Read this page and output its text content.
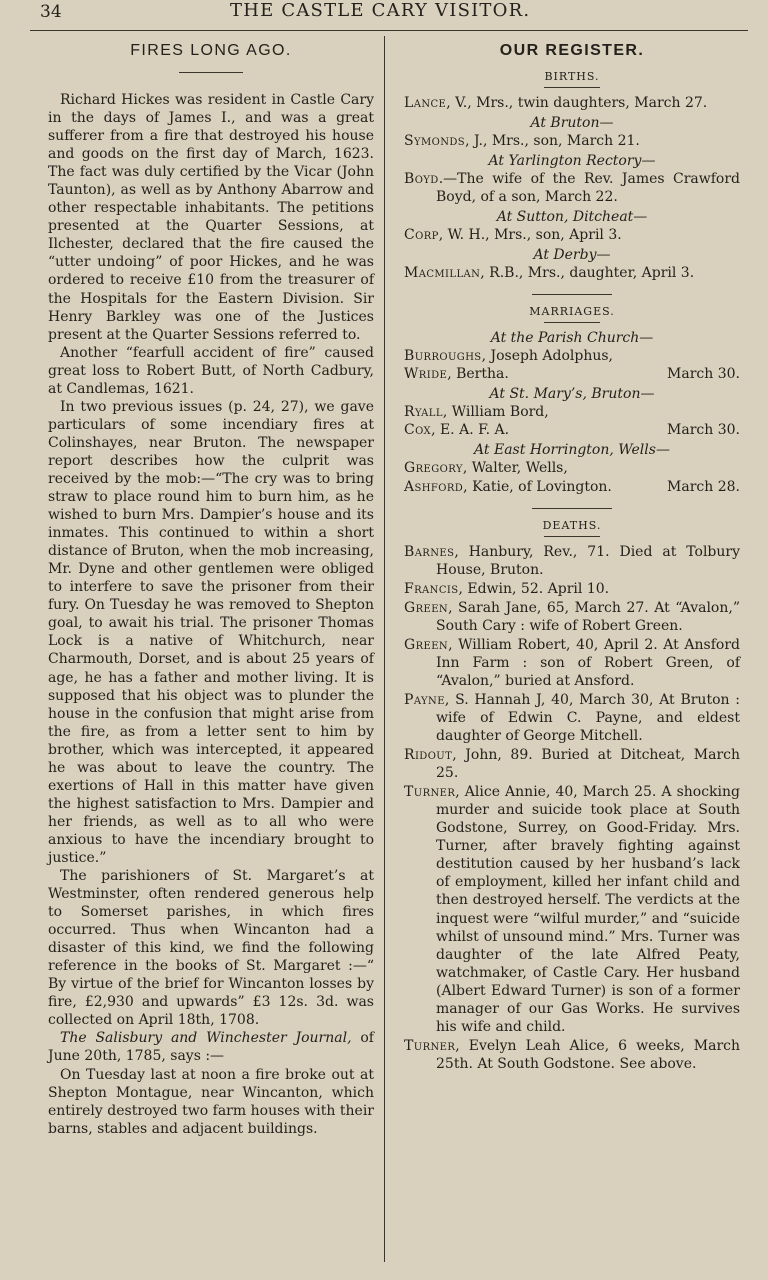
34	THE CASTLE CARY VISITOR.
FIRES LONG AGO.

Richard Hickes was resident in Castle Cary in the days of James I., and was a great sufferer from a fire that destroyed his house and goods on the first day of March, 1623. The fact was duly certified by the Vicar (John Taunton), as well as by Anthony Abarrow and other respectable inhabitants. The petitions presented at the Quarter Sessions, at Ilchester, declared that the fire caused the “utter undoing” of poor Hickes, and he was ordered to receive £10 from the treasurer of the Hospitals for the Eastern Division. Sir Henry Barkley was one of the Justices present at the Quarter Sessions referred to.

Another “fearfull accident of fire” caused great loss to Robert Butt, of North Cadbury, at Candlemas, 1621.

In two previous issues (p. 24, 27), we gave particulars of some incendiary fires at Colinshayes, near Bruton. The newspaper report describes how the culprit was received by the mob:—“The cry was to bring straw to place round him to burn him, as he wished to burn Mrs. Dampier’s house and its inmates. This continued to within a short distance of Bruton, when the mob increasing, Mr. Dyne and other gentlemen were obliged to interfere to save the prisoner from their fury. On Tuesday he was removed to Shepton goal, to await his trial. The prisoner Thomas Lock is a native of Whitchurch, near Charmouth, Dorset, and is about 25 years of age, he has a father and mother living. It is supposed that his object was to plunder the house in the confusion that might arise from the fire, as from a letter sent to him by brother, which was intercepted, it appeared he was about to leave the country. The exertions of Hall in this matter have given the highest satisfaction to Mrs. Dampier and her friends, as well as to all who were anxious to have the incendiary brought to justice.”

The parishioners of St. Margaret’s at Westminster, often rendered generous help to Somerset parishes, in which fires occurred. Thus when Wincanton had a disaster of this kind, we find the following reference in the books of St. Margaret :—“ By virtue of the brief for Wincanton losses by fire, £2,930 and upwards” £3 12s. 3d. was collected on April 18th, 1708.

The Salisbury and Winchester Journal, of June 20th, 1785, says :—

On Tuesday last at noon a fire broke out at Shepton Montague, near Wincanton, which entirely destroyed two farm houses with their barns, stables and adjacent buildings.

OUR REGISTER.
BIRTHS.
Lance, V., Mrs., twin daughters, March 27.
At Bruton—
Symonds, J., Mrs., son, March 21.
At Yarlington Rectory—
Boyd.—The wife of the Rev. James Crawford Boyd, of a son, March 22.
At Sutton, Ditcheat—
Corp, W. H., Mrs., son, April 3.
At Derby—
Macmillan, R.B., Mrs., daughter, April 3.
MARRIAGES.
At the Parish Church—
Burroughs, Joseph Adolphus,
Wride, Bertha.	March 30.
At St. Mary’s, Bruton—
Ryall, William Bord,
Cox, E. A. F. A.	March 30.
At East Horrington, Wells—
Gregory, Walter, Wells,
Ashford, Katie, of Lovington.	March 28.
DEATHS.
Barnes, Hanbury, Rev., 71. Died at Tolbury House, Bruton.
Francis, Edwin, 52. April 10.
Green, Sarah Jane, 65, March 27. At “Avalon,” South Cary : wife of Robert Green.
Green, William Robert, 40, April 2. At Ansford Inn Farm : son of Robert Green, of “Avalon,” buried at Ansford.
Payne, S. Hannah J, 40, March 30, At Bruton : wife of Edwin C. Payne, and eldest daughter of George Mitchell.
Ridout, John, 89. Buried at Ditcheat, March 25.
Turner, Alice Annie, 40, March 25. A shocking murder and suicide took place at South Godstone, Surrey, on Good-Friday. Mrs. Turner, after bravely fighting against destitution caused by her husband’s lack of employment, killed her infant child and then destroyed herself. The verdicts at the inquest were “wilful murder,” and “suicide whilst of unsound mind.” Mrs. Turner was daughter of the late Alfred Peaty, watchmaker, of Castle Cary. Her husband (Albert Edward Turner) is son of a former manager of our Gas Works. He survives his wife and child.
Turner, Evelyn Leah Alice, 6 weeks, March 25th. At South Godstone. See above.
